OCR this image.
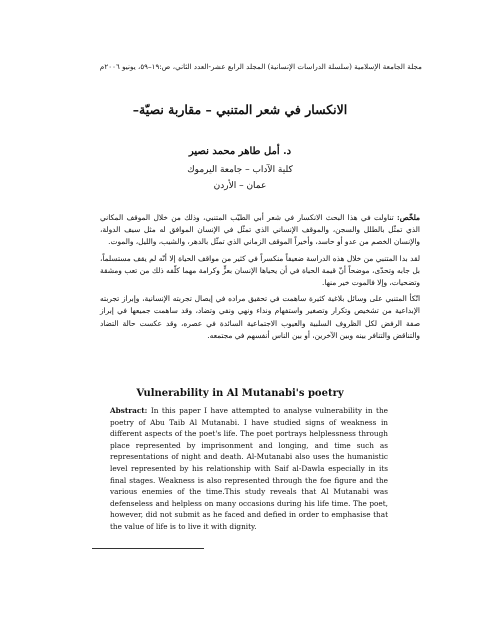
مجلة الجامعة الإسلامية (سلسلة الدراسات الإنسانية) المجلد الرابع عشر-العدد الثاني، ص:١٩–٥٩، يونيو ٢٠٠٦م
الانكسار في شعر المتنبي – مقاربة نصيّة–
د. أمل طاهر محمد نصير
كلية الآداب – جامعة اليرموك
عمان – الأردن

ملخّص: تناولت في هذا البحث الانكسار في شعر أبي الطيّب المتنبي، وذلك من خلال الموقف المكاني الذي تمثّل بالطلل والسجن، والموقف الإنساني الذي تمثّل في الإنسان الموافق له مثل سيف الدولة، والإنسان الخصم من عدو أو حاسد، وأخيراً الموقف الزماني الذي تمثّل بالدهر، والشيب، والليل، والموت.

لقد بدا المتنبي من خلال هذه الدراسة ضعيفاً منكسراً في كثير من مواقف الحياة إلا أنّه لم يقف مستسلماً، بل جابه وتحدّى، موضحاً أنّ قيمة الحياة في أن يحياها الإنسان بعزٍّ وكرامة مهما كلّفه ذلك من تعب ومشقة وتضحيات، وإلا فالموت خير منها.

اتّكأ المتنبي على وسائل بلاغية كثيرة ساهمت في تحقيق مراده في إيصال تجربته الإنسانية، وإبراز تجربته الإبداعية من تشخيص وتكرار وتصغير واستفهام ونداء ونهي ونفي وتضاد، وقد ساهمت جميعها في إبراز صفة الرفض لكل الظروف السلبية والعيوب الاجتماعية السائدة في عصره، وقد عكست حالة التضاد والتناقض والتنافر بينه وبين الآخرين، أو بين الناس أنفسهم في مجتمعه.

Vulnerability in Al Mutanabi's poetry
Abstract: In this paper I have attempted to analyse vulnerability in the poetry of Abu Taib Al Mutanabi. I have studied signs of weakness in different aspects of the poet's life. The poet portrays helplessness through place represented by imprisonment and longing, and time such as representations of night and death. Al-Mutanabi also uses the humanistic level represented by his relationship with Saif al-Dawla especially in its final stages. Weakness is also represented through the foe figure and the various enemies of the time.This study reveals that Al Mutanabi was defenseless and helpless on many occasions during his life time. The poet, however, did not submit as he faced and defied in order to emphasise that the value of life is to live it with dignity.
